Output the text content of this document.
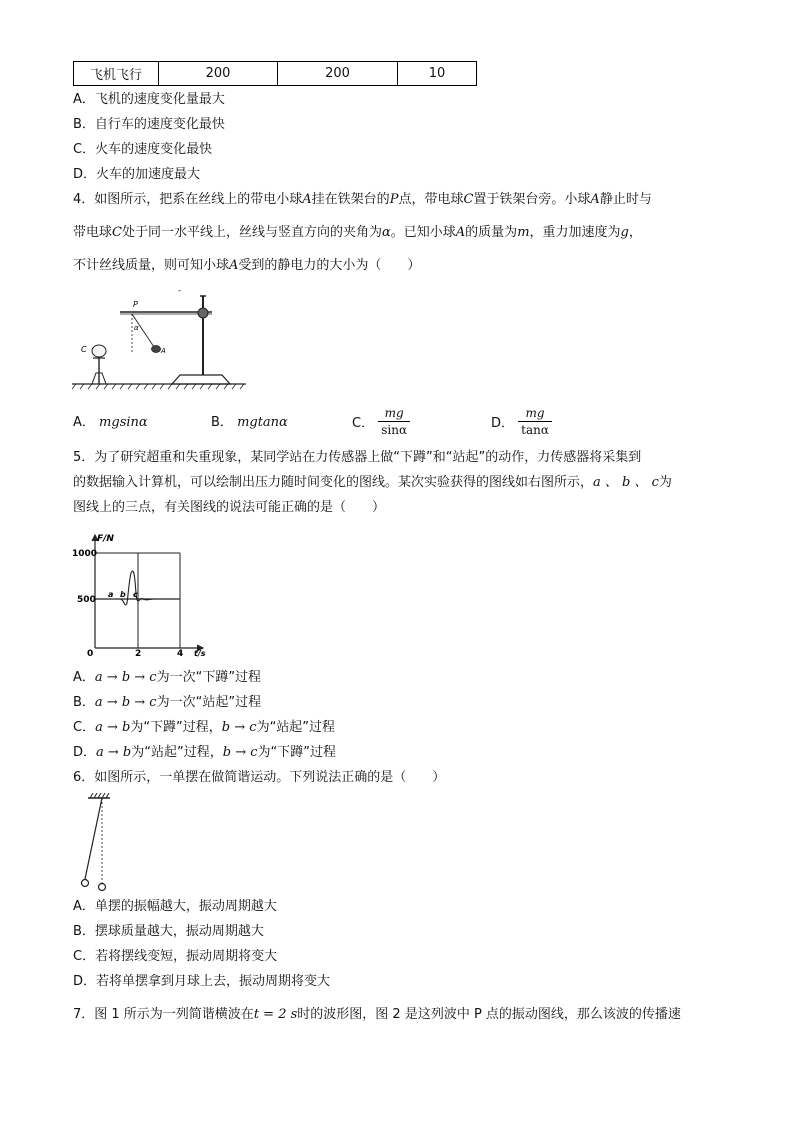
飞机飞行	200	200	10
A．飞机的速度变化量最大
B．自行车的速度变化最快
C．火车的速度变化最快
D．火车的加速度最大
4．如图所示，把系在丝线上的带电小球A挂在铁架台的P点，带电球C置于铁架台旁。小球A静止时与
带电球C处于同一水平线上，丝线与竖直方向的夹角为α。已知小球A的质量为m，重力加速度为g，
不计丝线质量，则可知小球A受到的静电力的大小为（　　）
P
C	A
α
-
A． mgsinα	B． mgtanα	C． $\frac{mg}{\sin\alpha}$	D． $\frac{mg}{\tan\alpha}$
5．为了研究超重和失重现象，某同学站在力传感器上做“下蹲”和“站起”的动作，力传感器将采集到
的数据输入计算机，可以绘制出压力随时间变化的图线。某次实验获得的图线如右图所示，a 、 b 、 c为
图线上的三点，有关图线的说法可能正确的是（　　）
F/N
t/s
1000
500
0	2	4
a b c
A．a → b → c为一次“下蹲”过程
B．a → b → c为一次“站起”过程
C．a → b为“下蹲”过程，b → c为“站起”过程
D．a → b为“站起”过程，b → c为“下蹲”过程
6．如图所示，一单摆在做简谐运动。下列说法正确的是（　　）
A．单摆的振幅越大，振动周期越大
B．摆球质量越大，振动周期越大
C．若将摆线变短，振动周期将变大
D．若将单摆拿到月球上去，振动周期将变大
7．图 1 所示为一列简谐横波在t = 2 s时的波形图，图 2 是这列波中 P 点的振动图线，那么该波的传播速
